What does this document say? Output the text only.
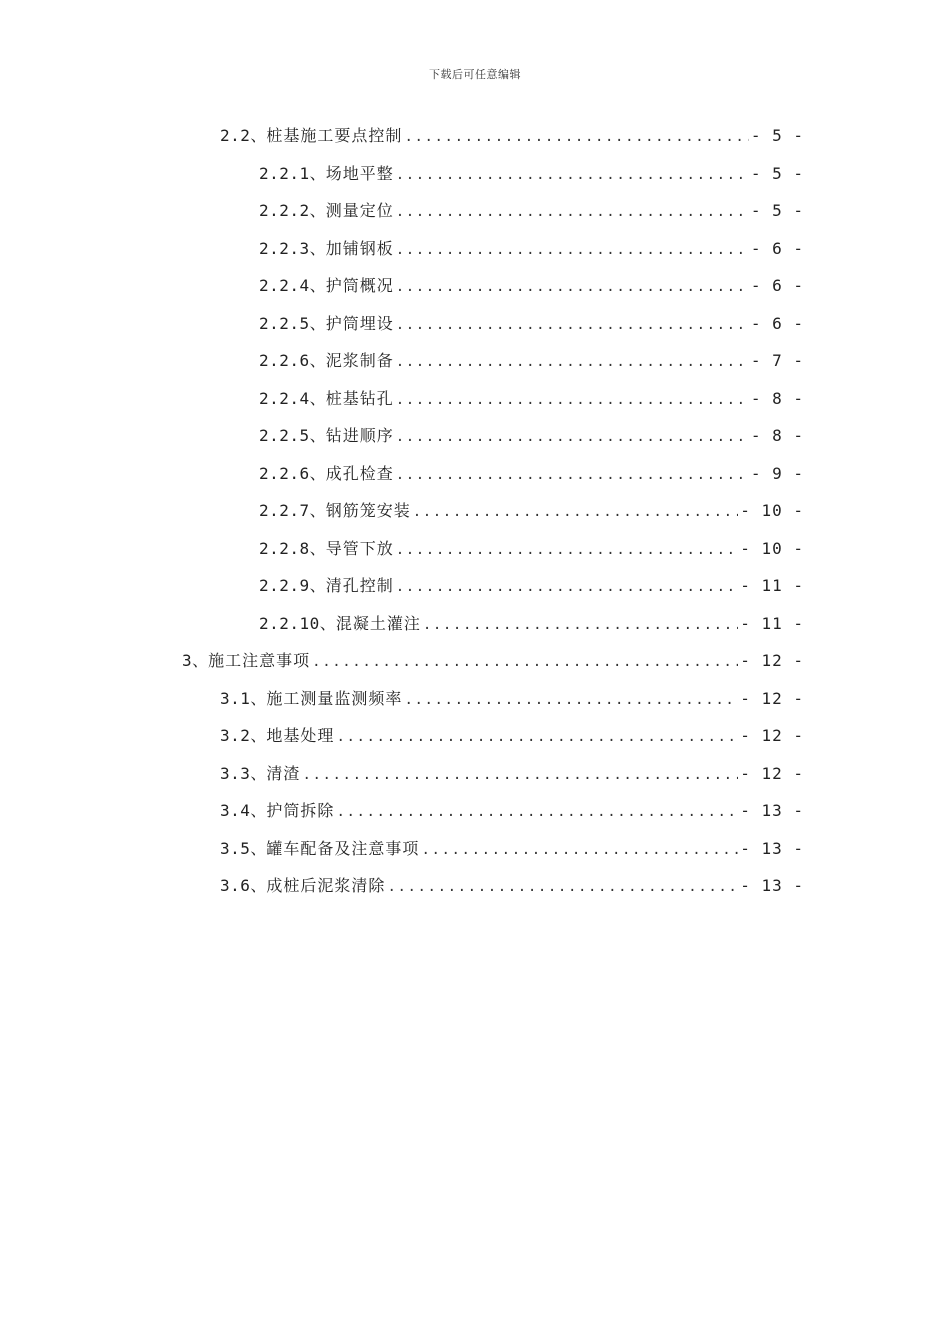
下载后可任意编辑
2.2 、 桩基施工要点控制 .....	- 5 -
2.2.1 、 场地平整 .....	- 5 -
2.2.2 、 测量定位 .....	- 5 -
2.2.3 、 加铺钢板 .....	- 6 -
2.2.4 、 护筒概况 .....	- 6 -
2.2.5 、 护筒埋设 .....	- 6 -
2.2.6 、 泥浆制备 .....	- 7 -
2.2.4 、 桩基钻孔 .....	- 8 -
2.2.5 、 钻进顺序 .....	- 8 -
2.2.6 、 成孔检查 .....	- 9 -
2.2.7 、 钢筋笼安装 .....	- 10 -
2.2.8 、 导管下放 .....	- 10 -
2.2.9 、 清孔控制 .....	- 11 -
2.2.10 、 混凝土灌注 .....	- 11 -
3 、 施工注意事项 .....	- 12 -
3.1 、 施工测量监测频率 .....	- 12 -
3.2 、 地基处理 .....	- 12 -
3.3 、 清渣 .....	- 12 -
3.4 、 护筒拆除 .....	- 13 -
3.5 、 罐车配备及注意事项 .....	- 13 -
3.6 、 成桩后泥浆清除 .....	- 13 -
